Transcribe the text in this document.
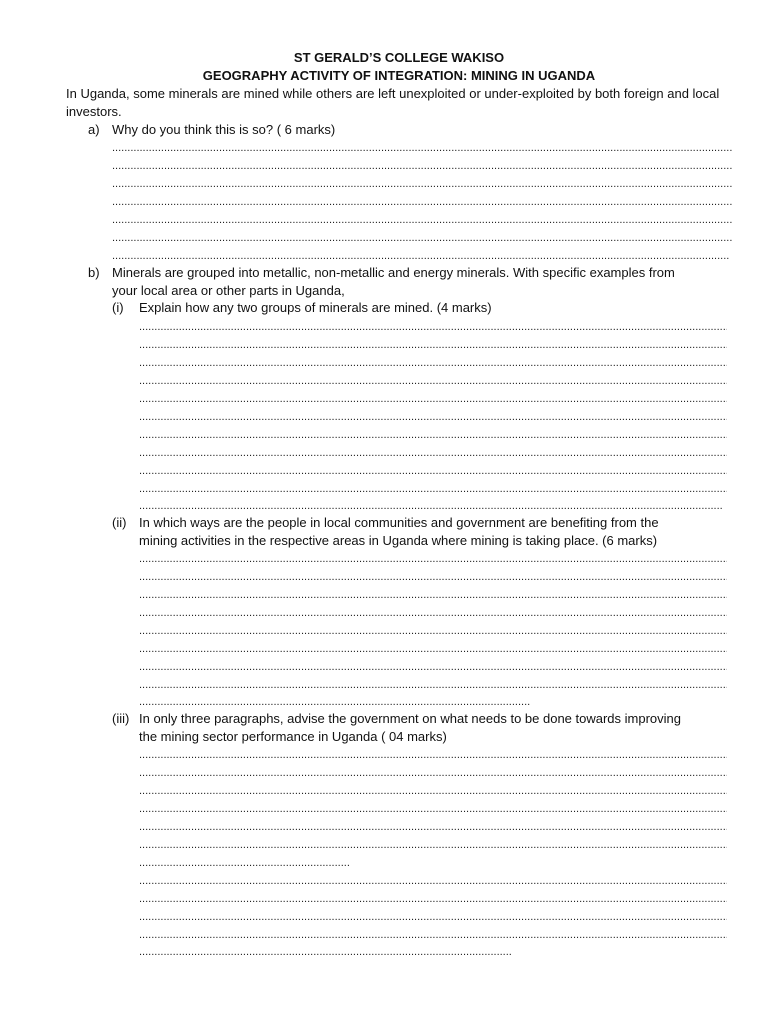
ST GERALD’S COLLEGE WAKISO
GEOGRAPHY ACTIVITY OF INTEGRATION: MINING IN UGANDA
In Uganda, some minerals are mined while others are left unexploited or under-exploited by both foreign and local investors.
a) Why do you think this is so? ( 6 marks)
.....
.....
.....
.....
.....
.....
.....
b) Minerals are grouped into metallic, non-metallic and energy minerals. With specific examples from
your local area or other parts in Uganda,
(i) Explain how any two groups of minerals are mined. (4 marks)
.....
.....
.....
.....
.....
.....
.....
.....
.....
.....
.....
(ii) In which ways are the people in local communities and government are benefiting from the
mining activities in the respective areas in Uganda where mining is taking place. (6 marks)
.....
.....
.....
.....
.....
.....
.....
.....
.....
(iii) In only three paragraphs, advise the government on what needs to be done towards improving
the mining sector performance in Uganda ( 04 marks)
.....
.....
.....
.....
.....
.....
.....
.....
.....
.....
.....
.....
